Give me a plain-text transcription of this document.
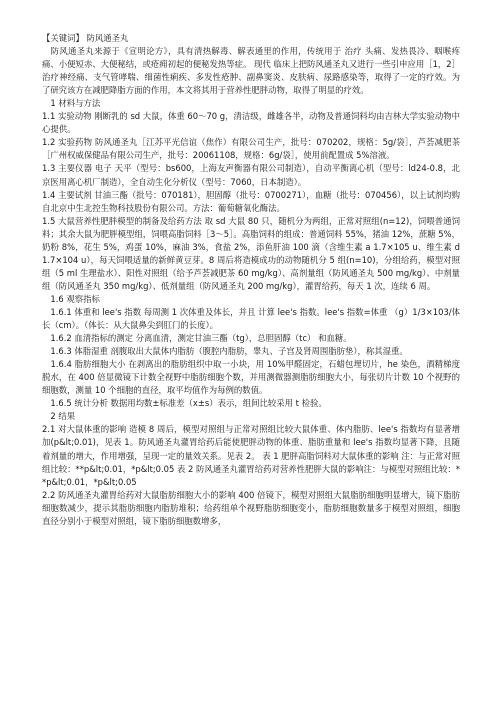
【关键词】 防风通圣丸

　防风通圣丸来源于《宣明论方》，具有清热解毒、解表通里的作用，传统用于 治疗 头痛、发热畏冷、咽喉疼痛、小便短赤、大便秘结，或疮痈初起的便秘发热等症。 现代 临床上把防风通圣丸又进行一些引申应用［1，2］治疗神经痛、支气管哮喘、细菌性痢疾、多发性疮肿、副鼻窦炎、皮肤病、尿路感染等，取得了一定的疗效。为了研究该方在减肥降脂方面的作用，本文将其用于营养性肥胖动物，取得了明显的疗效。

　1 材料与方法

1.1 实验动物 刚断乳的 sd 大鼠，体重 60～70 g，清洁级，雌雄各半，动物及普通饲料均由吉林大学实验动物中心提供。

1.2 实验药物 防风通圣丸［江苏平光信谊（焦作）有限公司生产，批号：070202，规格：5g/袋］，芦荟减肥茶［广州权威保健品有限公司生产，批号：20061108，规格：6g/袋］，使用前配置成 5%溶液。

1.3 主要仪器 电子 天平（型号：bs600，上海友声衡器有限公司制造），自动平衡离心机（型号：ld24-0.8，北京医用离心机厂制造），全自动生化分析仪（型号：7060，日本制造）。

1.4 主要试剂 甘油三酯（批号：070181），胆固醇（批号：0700271），血糖（批号：070456），以上试剂均购自北京中生北控生物科技股份有限公司。方法：葡萄糖氧化酶法。

1.5 大鼠营养性肥胖模型的制备及给药方法 取 sd 大鼠 80 只，随机分为两组，正常对照组(n=12)，饲喂普通饲料；其余大鼠为肥胖模型组，饲喂高脂饲料［3～5］。高脂饲料的组成：普通饲料 55%，猪油 12%，蔗糖 5%，奶粉 8%，花生 5%，鸡蛋 10%，麻油 3%，食盐 2%，添鱼肝油 100 滴（含维生素 a 1.7×105 u、维生素 d 1.7×104 u），每天饲喂适量的新鲜黄豆芽。8 周后将造模成功的动物随机分 5 组(n=10)，分组给药，模型对照组（5 ml 生理盐水）、阳性对照组（给予芦荟减肥茶 60 mg/kg）、高剂量组（防风通圣丸 500 mg/kg）、中剂量组（防风通圣丸 350 mg/kg）、低剂量组（防风通圣丸 200 mg/kg），灌胃给药，每天 1 次，连续 6 周。

　1.6 观察指标

　1.6.1 体重和 lee's 指数 每周测 1 次体重及体长，并且 计算 lee's 指数。lee's 指数=体重 （g）1/3×103/体长（cm）。（体长：从大鼠鼻尖到肛门的长度）。

　1.6.2 血清指标的测定 分离血清，测定甘油三酯（tg），总胆固醇（tc） 和血糖。

　1.6.3 体脂湿重 剖腹取出大鼠体内脂肪（腹腔内脂肪，睾丸、子宫及肾周围脂肪垫），称其湿重。

　1.6.4 脂肪细胞大小 在剥离出的脂肪组织中取一小块，用 10%甲醛固定，石蜡包埋切片，he 染色，酒精梯度脱水，在 400 倍显微镜下计数全视野中脂肪细胞个数，并用测微器测脂肪细胞大小，每张切片计数 10 个视野的细胞数，测量 10 个细胞的直径，取平均值作为每例的数值。

　1.6.5 统计分析 数据用均数±标准差（x±s）表示，组间比较采用 t 检验。

　2 结果

2.1 对大鼠体重的影响 造模 8 周后，模型对照组与正常对照组比较大鼠体重、体内脂肪、lee's 指数均有显著增加(p&lt;0.01)，见表 1。防风通圣丸灌胃给药后能使肥胖动物的体重、脂肪重量和 lee's 指数均显著下降，且随着剂量的增大，作用增强，呈现一定的量效关系。见表 2。 表 1 肥胖高脂饲料对大鼠体重的影响 注：与正常对照组比较：**p&lt;0.01，*p&lt;0.05 表 2 防风通圣丸灌胃给药对营养性肥胖大鼠的影响注：与模型对照组比较：**p&lt;0.01，*p&lt;0.05

2.2 防风通圣丸灌胃给药对大鼠脂肪细胞大小的影响 400 倍镜下，模型对照组大鼠脂肪细胞明显增大，镜下脂肪细胞数减少，提示其脂肪细胞内脂肪堆积；给药组单个视野脂肪细胞变小，脂肪细胞数量多于模型对照组，细胞直径分别小于模型对照组，镜下脂肪细胞数增多，
